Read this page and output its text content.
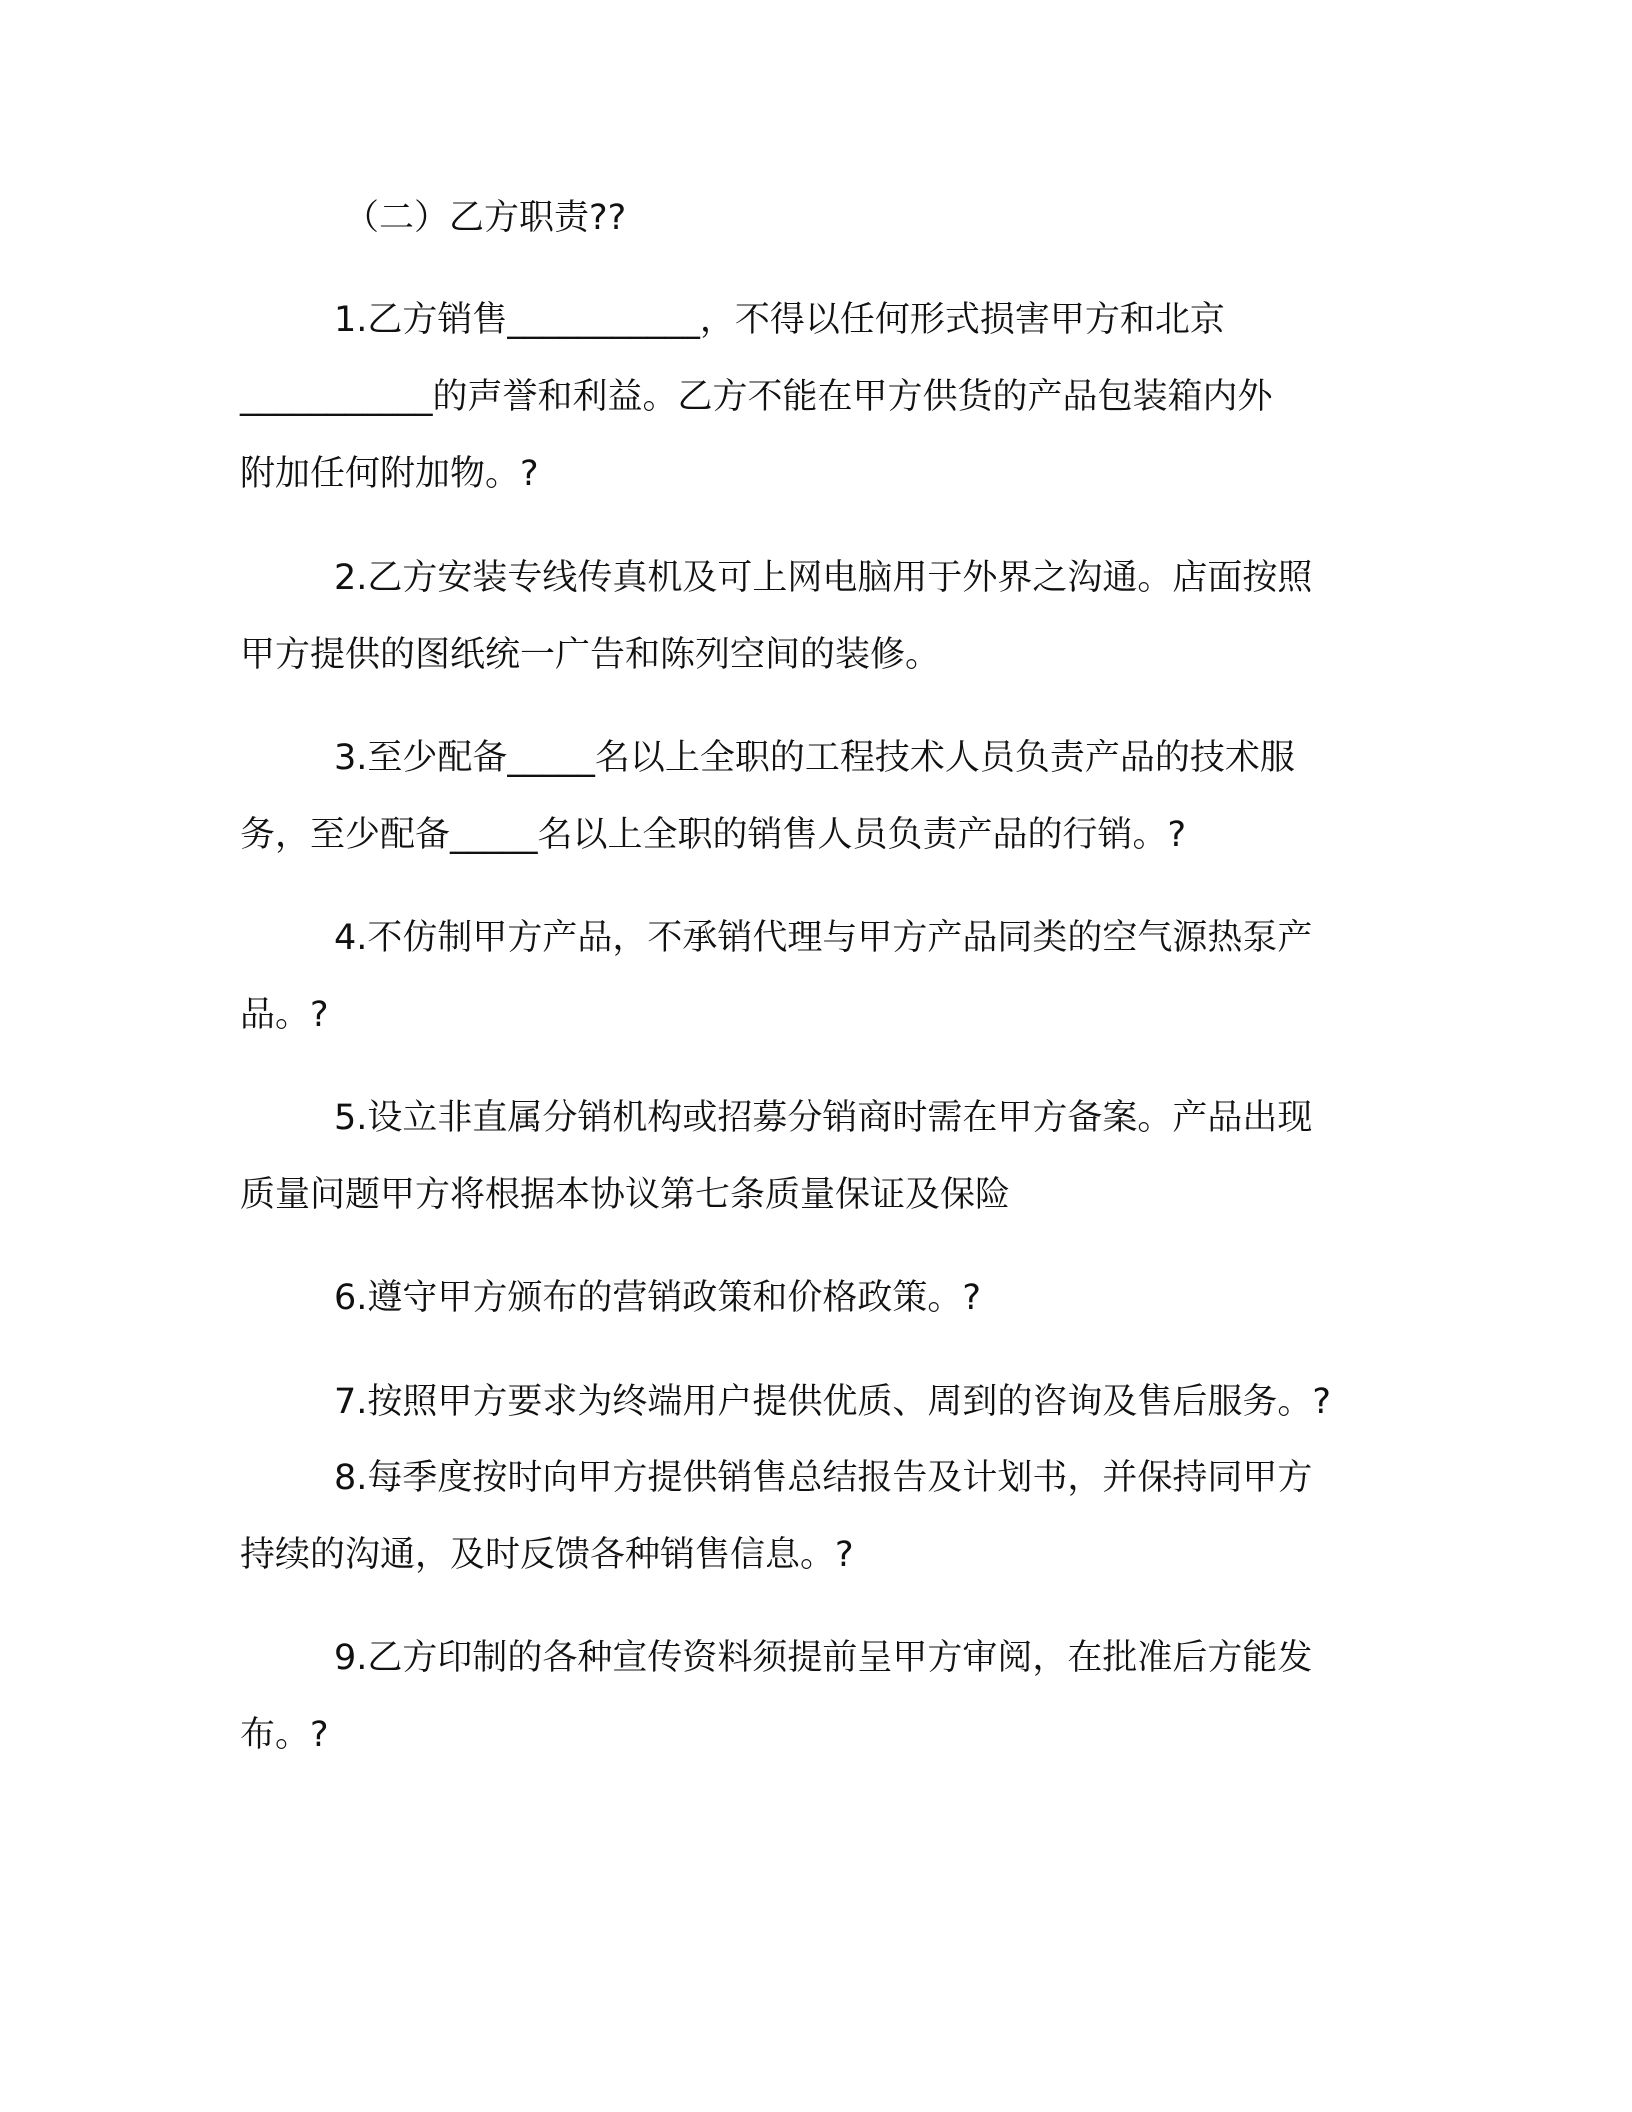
（二）乙方职责??
1.乙方销售___________，不得以任何形式损害甲方和北京
___________的声誉和利益。乙方不能在甲方供货的产品包装箱内外
附加任何附加物。?
2.乙方安装专线传真机及可上网电脑用于外界之沟通。店面按照
甲方提供的图纸统一广告和陈列空间的装修。
3.至少配备_____名以上全职的工程技术人员负责产品的技术服
务，至少配备_____名以上全职的销售人员负责产品的行销。?
4.不仿制甲方产品，不承销代理与甲方产品同类的空气源热泵产
品。?
5.设立非直属分销机构或招募分销商时需在甲方备案。产品出现
质量问题甲方将根据本协议第七条质量保证及保险
6.遵守甲方颁布的营销政策和价格政策。?
7.按照甲方要求为终端用户提供优质、周到的咨询及售后服务。?
8.每季度按时向甲方提供销售总结报告及计划书，并保持同甲方
持续的沟通，及时反馈各种销售信息。?
9.乙方印制的各种宣传资料须提前呈甲方审阅，在批准后方能发
布。?
